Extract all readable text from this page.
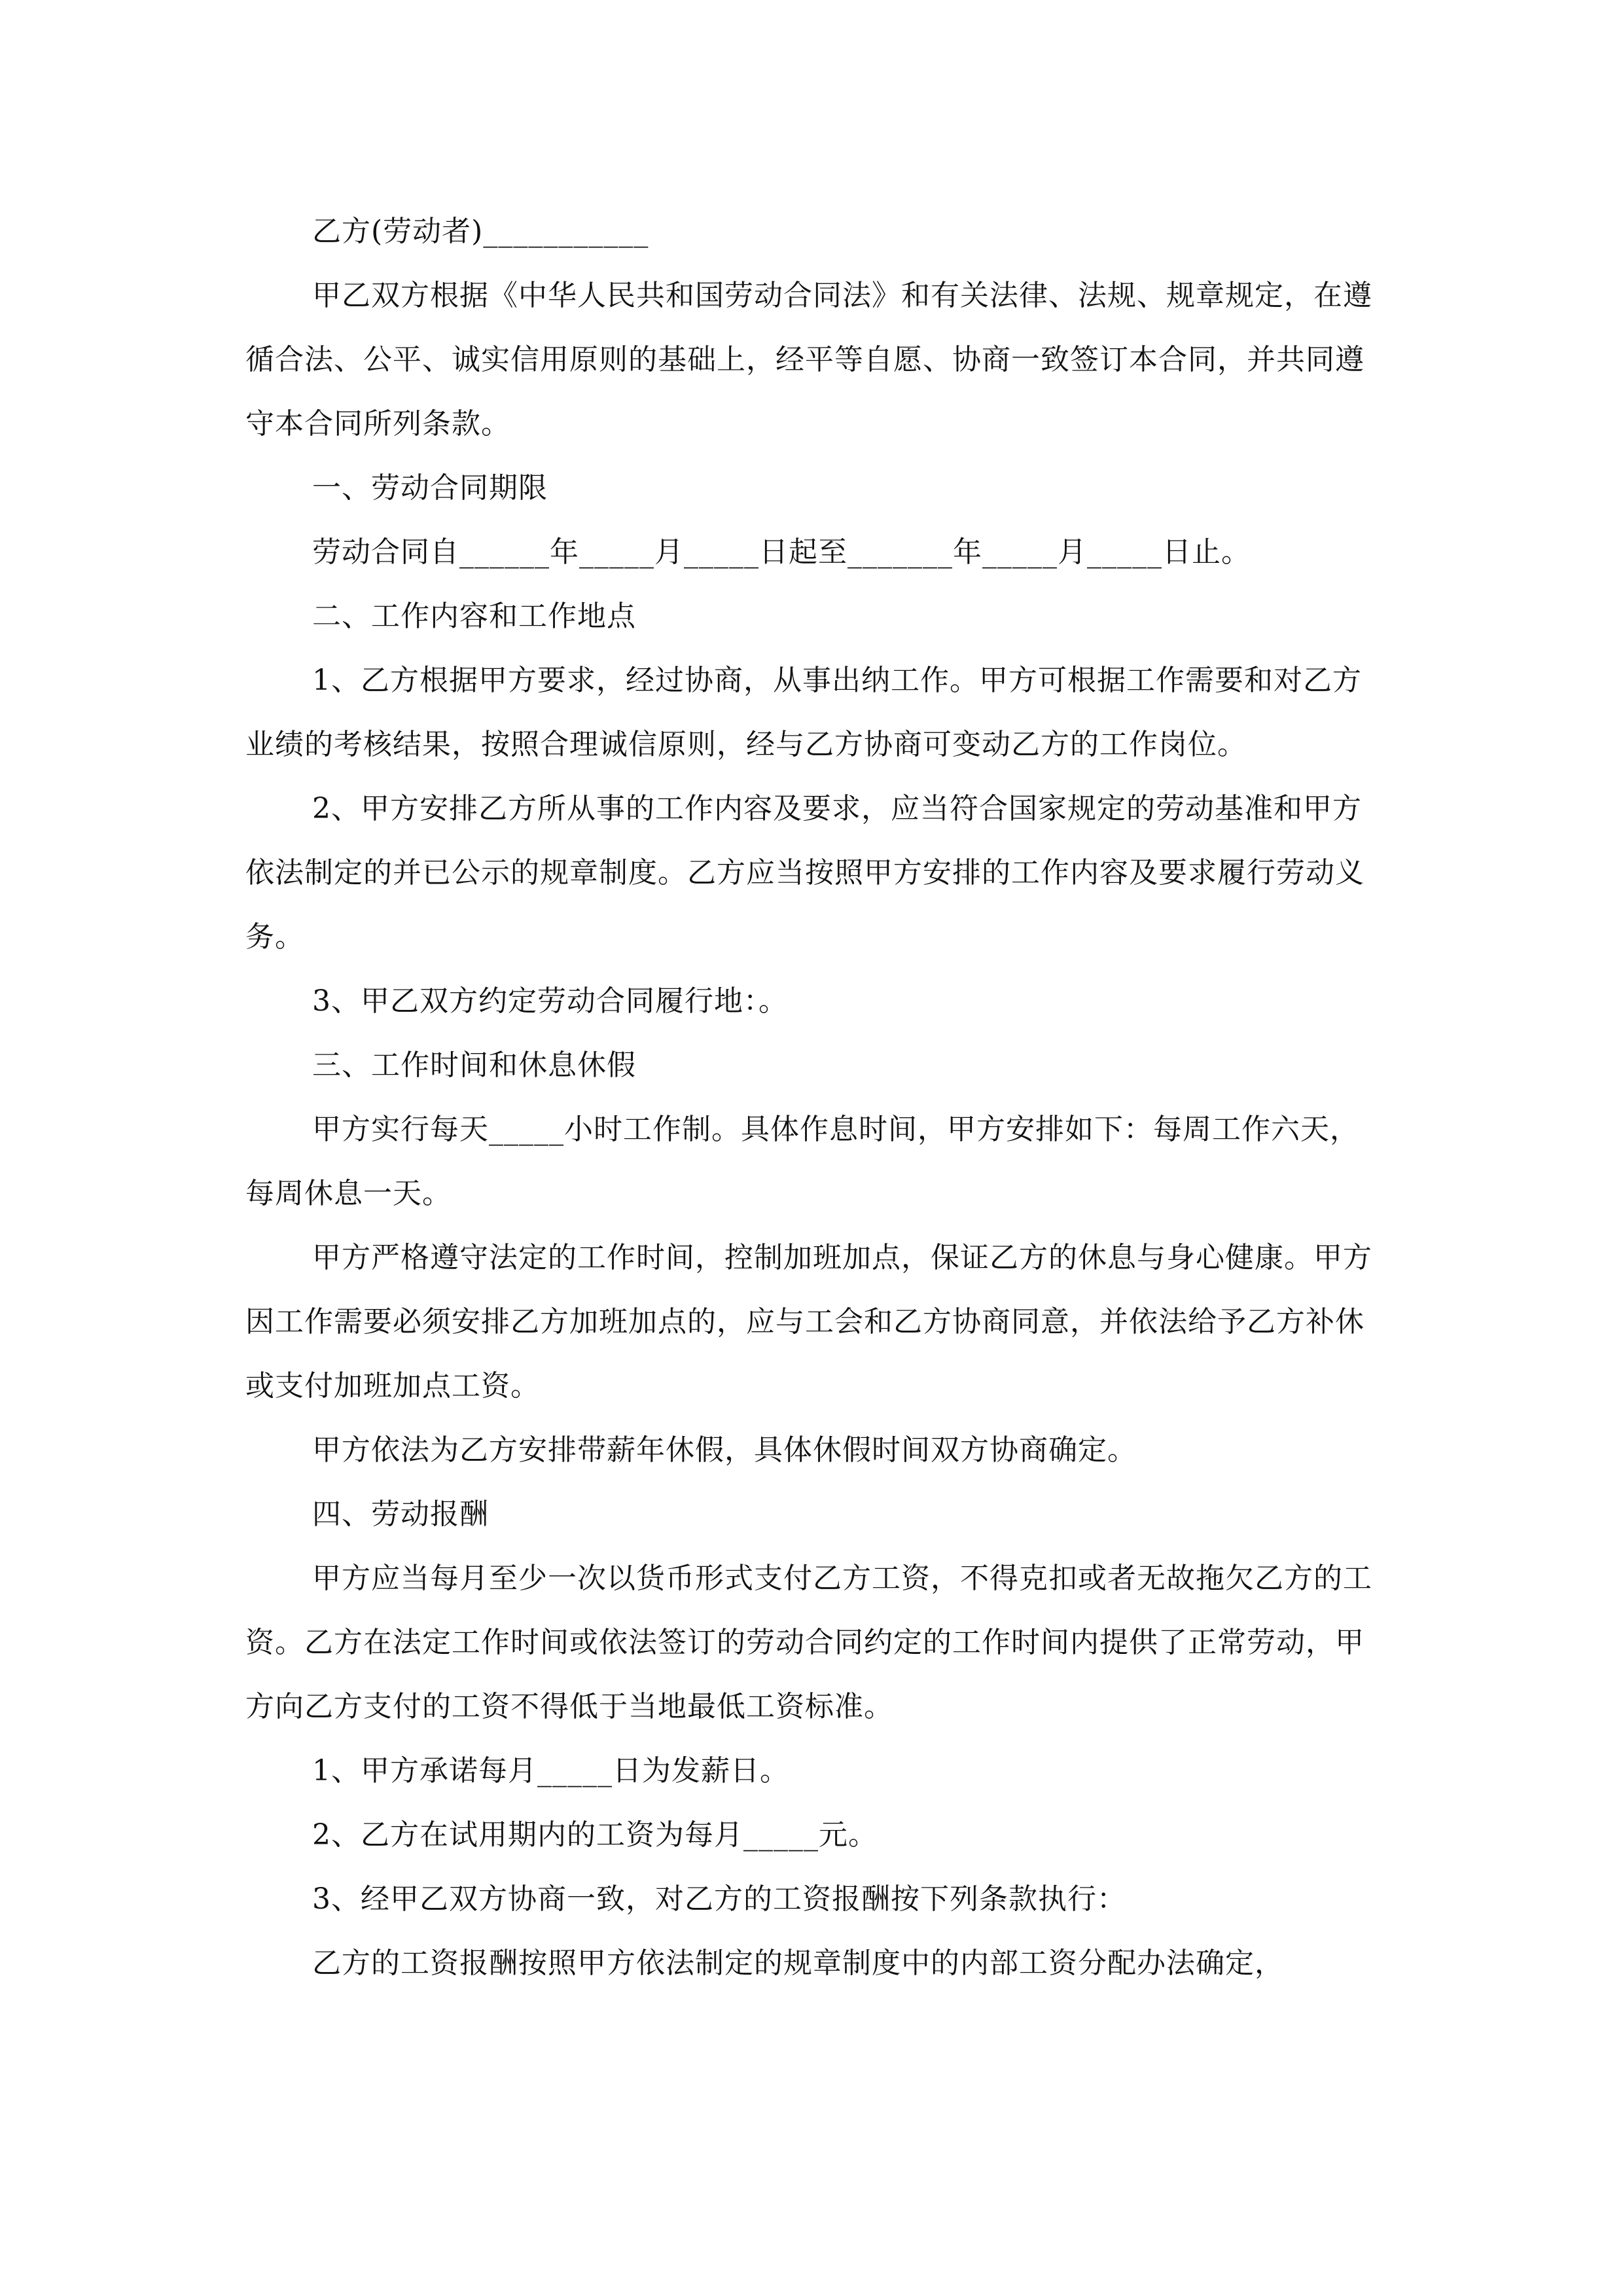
乙方(劳动者)___________

甲乙双方根据《中华人民共和国劳动合同法》和有关法律、法规、规章规定，在遵循合法、公平、诚实信用原则的基础上，经平等自愿、协商一致签订本合同，并共同遵守本合同所列条款。

一、劳动合同期限

劳动合同自______年_____月_____日起至_______年_____月_____日止。

二、工作内容和工作地点

1、乙方根据甲方要求，经过协商，从事出纳工作。甲方可根据工作需要和对乙方业绩的考核结果，按照合理诚信原则，经与乙方协商可变动乙方的工作岗位。

2、甲方安排乙方所从事的工作内容及要求，应当符合国家规定的劳动基准和甲方依法制定的并已公示的规章制度。乙方应当按照甲方安排的工作内容及要求履行劳动义务。

3、甲乙双方约定劳动合同履行地：。

三、工作时间和休息休假

甲方实行每天_____小时工作制。具体作息时间，甲方安排如下：每周工作六天，每周休息一天。

甲方严格遵守法定的工作时间，控制加班加点，保证乙方的休息与身心健康。甲方因工作需要必须安排乙方加班加点的，应与工会和乙方协商同意，并依法给予乙方补休或支付加班加点工资。

甲方依法为乙方安排带薪年休假，具体休假时间双方协商确定。

四、劳动报酬

甲方应当每月至少一次以货币形式支付乙方工资，不得克扣或者无故拖欠乙方的工资。乙方在法定工作时间或依法签订的劳动合同约定的工作时间内提供了正常劳动，甲方向乙方支付的工资不得低于当地最低工资标准。

1、甲方承诺每月_____日为发薪日。

2、乙方在试用期内的工资为每月_____元。

3、经甲乙双方协商一致，对乙方的工资报酬按下列条款执行：

乙方的工资报酬按照甲方依法制定的规章制度中的内部工资分配办法确定，
